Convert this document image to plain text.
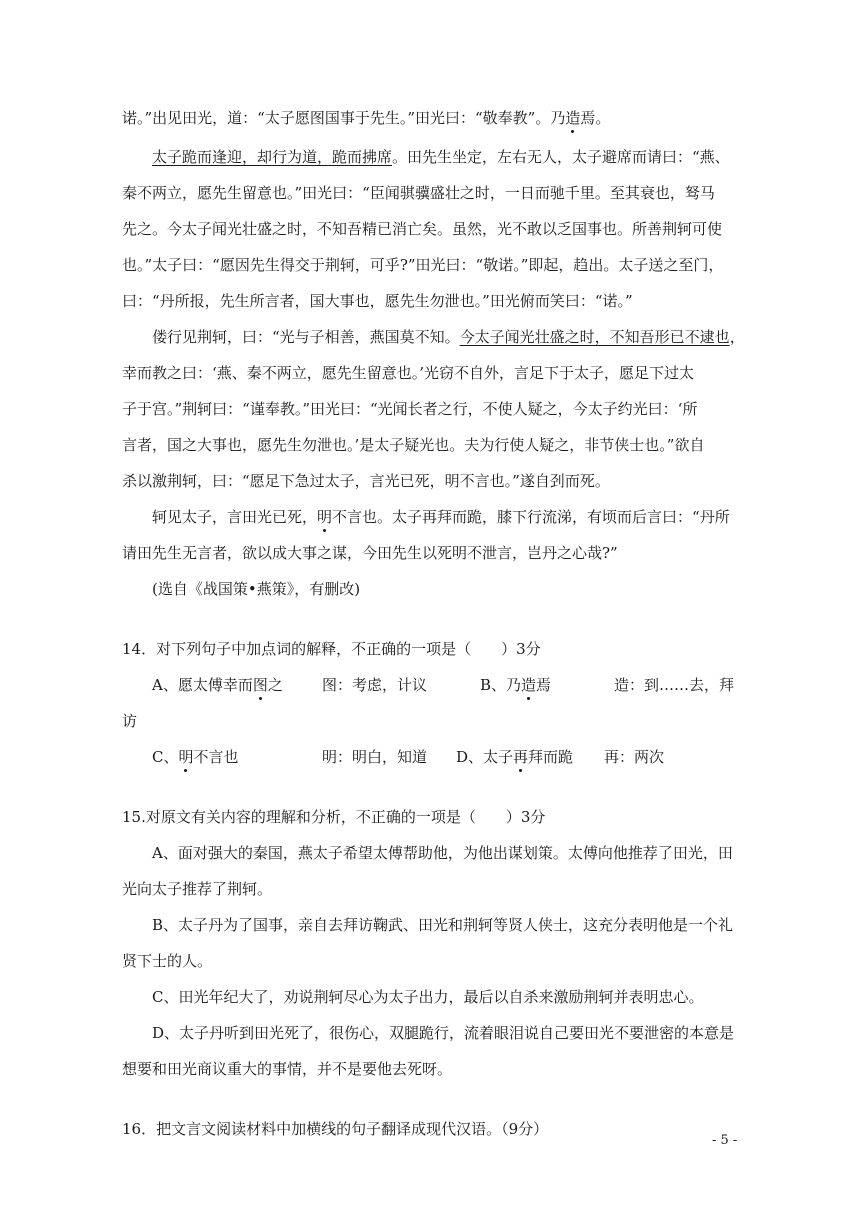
诺。”出见田光，道：“太子愿图国事于先生。”田光曰：“敬奉教”。乃造焉。
太子跪而逢迎，却行为道，跪而拂席。田先生坐定，左右无人，太子避席而请曰：“燕、
秦不两立，愿先生留意也。”田光曰：“臣闻骐骥盛壮之时，一日而驰千里。至其衰也，驽马
先之。今太子闻光壮盛之时，不知吾精已消亡矣。虽然，光不敢以乏国事也。所善荆轲可使
也。”太子曰：“愿因先生得交于荆轲，可乎?”田光曰：“敬诺。”即起，趋出。太子送之至门，
曰：“丹所报，先生所言者，国大事也，愿先生勿泄也。”田光俯而笑曰：“诺。”
偻行见荆轲，曰：“光与子相善，燕国莫不知。今太子闻光壮盛之时，不知吾形已不逮也，
幸而教之曰：‘燕、秦不两立，愿先生留意也。’光窃不自外，言足下于太子，愿足下过太
子于宫。”荆轲曰：“谨奉教。”田光曰：“光闻长者之行，不使人疑之，今太子约光曰：‘所
言者，国之大事也，愿先生勿泄也。’是太子疑光也。夫为行使人疑之，非节侠士也。”欲自
杀以激荆轲，曰：“愿足下急过太子，言光已死，明不言也。”遂自刭而死。
轲见太子，言田光已死，明不言也。太子再拜而跪，膝下行流涕，有顷而后言曰：“丹所
请田先生无言者，欲以成大事之谋，今田先生以死明不泄言，岂丹之心哉?”
(选自《战国策•燕策》，有删改)
14．对下列句子中加点词的解释，不正确的一项是（　　）3分
A、愿太傅幸而图之	图：考虑，计议	B、乃造焉	造：到……去，拜
访
C、明不言也	明：明白，知道 D、太子再拜而跪 再：两次
15.对原文有关内容的理解和分析，不正确的一项是（　　）3分
A、面对强大的秦国，燕太子希望太傅帮助他，为他出谋划策。太傅向他推荐了田光，田
光向太子推荐了荆轲。
B、太子丹为了国事，亲自去拜访鞠武、田光和荆轲等贤人侠士，这充分表明他是一个礼
贤下士的人。
C、田光年纪大了，劝说荆轲尽心为太子出力，最后以自杀来激励荆轲并表明忠心。
D、太子丹听到田光死了，很伤心，双腿跪行，流着眼泪说自己要田光不要泄密的本意是
想要和田光商议重大的事情，并不是要他去死呀。
16．把文言文阅读材料中加横线的句子翻译成现代汉语。（9分）
- 5 -
